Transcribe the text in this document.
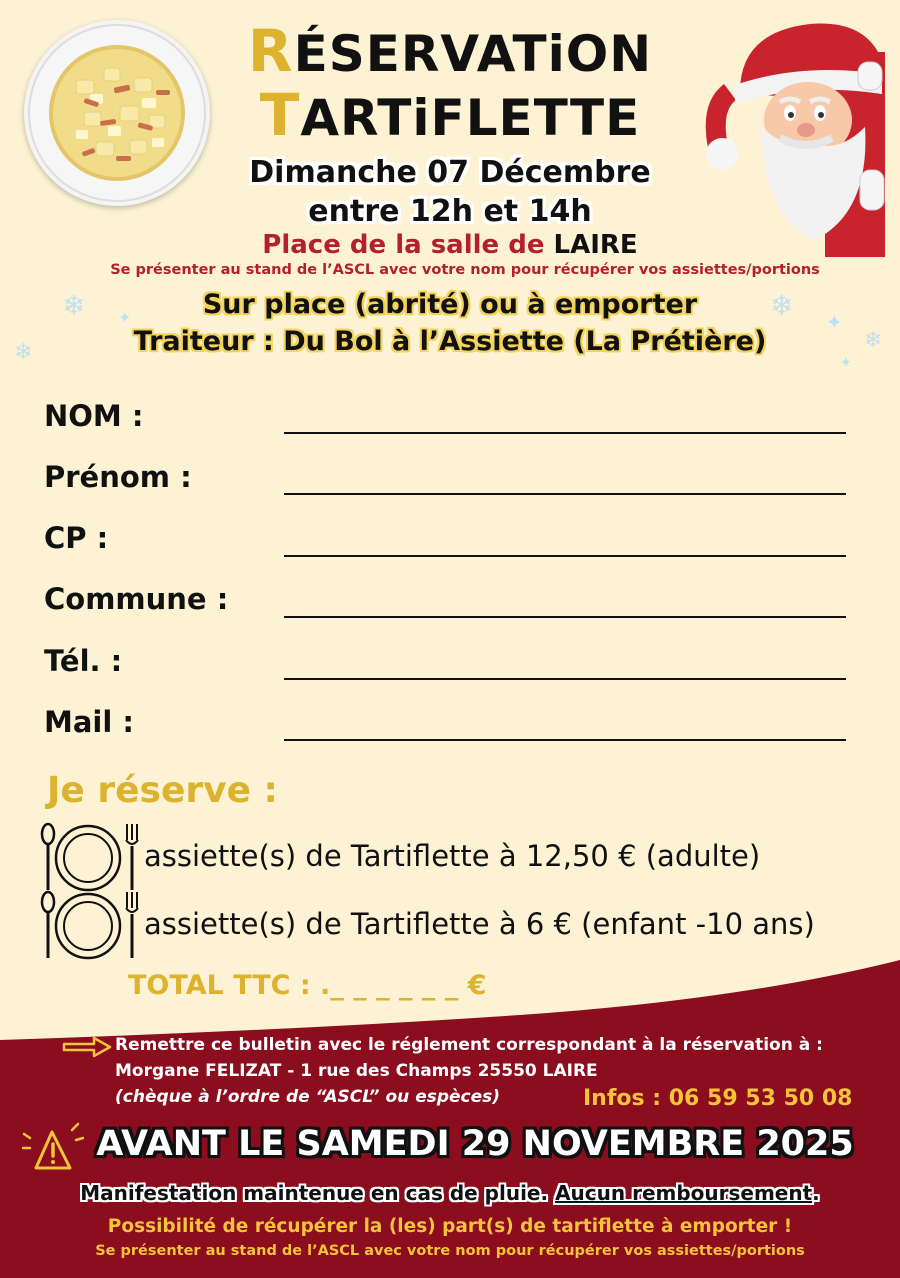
❄
❄
✦	❄ ✦
❄
✦
RÉSERVATiON
TARTiFLETTE
Dimanche 07 Décembre
entre 12h et 14h
Place de la salle de LAIRE
Se présenter au stand de l’ASCL avec votre nom pour récupérer vos assiettes/portions
Sur place (abrité) ou à emporter
Traiteur : Du Bol à l’Assiette (La Prétière)
NOM :
Prénom :
CP :
Commune :
Tél. :
Mail :
Je réserve :
assiette(s) de Tartiflette à 12,50 € (adulte)
assiette(s) de Tartiflette à 6 € (enfant -10 ans)
TOTAL TTC : ._ _ _ _ _ _ €
Remettre ce bulletin avec le réglement correspondant à la réservation à :
Morgane FELIZAT - 1 rue des Champs 25550 LAIRE
(chèque à l’ordre de “ASCL” ou espèces)	Infos : 06 59 53 50 08
AVANT LE SAMEDI 29 NOVEMBRE 2025
Manifestation maintenue en cas de pluie. Aucun remboursement.
Possibilité de récupérer la (les) part(s) de tartiflette à emporter !
Se présenter au stand de l’ASCL avec votre nom pour récupérer vos assiettes/portions
